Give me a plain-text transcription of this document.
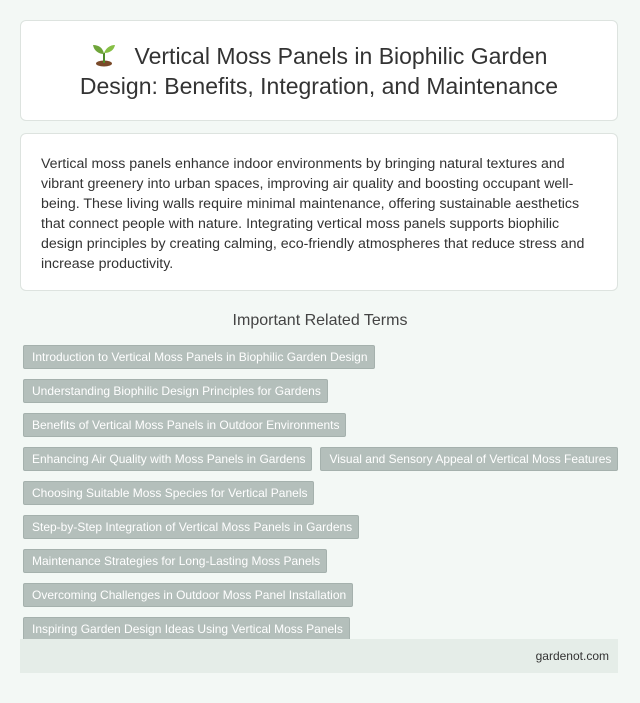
Vertical Moss Panels in Biophilic Garden Design: Benefits, Integration, and Maintenance

Vertical moss panels enhance indoor environments by bringing natural textures and vibrant greenery into urban spaces, improving air quality and boosting occupant well-being. These living walls require minimal maintenance, offering sustainable aesthetics that connect people with nature. Integrating vertical moss panels supports biophilic design principles by creating calming, eco-friendly atmospheres that reduce stress and increase productivity.

Important Related Terms
Introduction to Vertical Moss Panels in Biophilic Garden Design
Understanding Biophilic Design Principles for Gardens
Benefits of Vertical Moss Panels in Outdoor Environments
Enhancing Air Quality with Moss Panels in Gardens	Visual and Sensory Appeal of Vertical Moss Features
Choosing Suitable Moss Species for Vertical Panels
Step-by-Step Integration of Vertical Moss Panels in Gardens
Maintenance Strategies for Long-Lasting Moss Panels
Overcoming Challenges in Outdoor Moss Panel Installation
Inspiring Garden Design Ideas Using Vertical Moss Panels
gardenot.com
